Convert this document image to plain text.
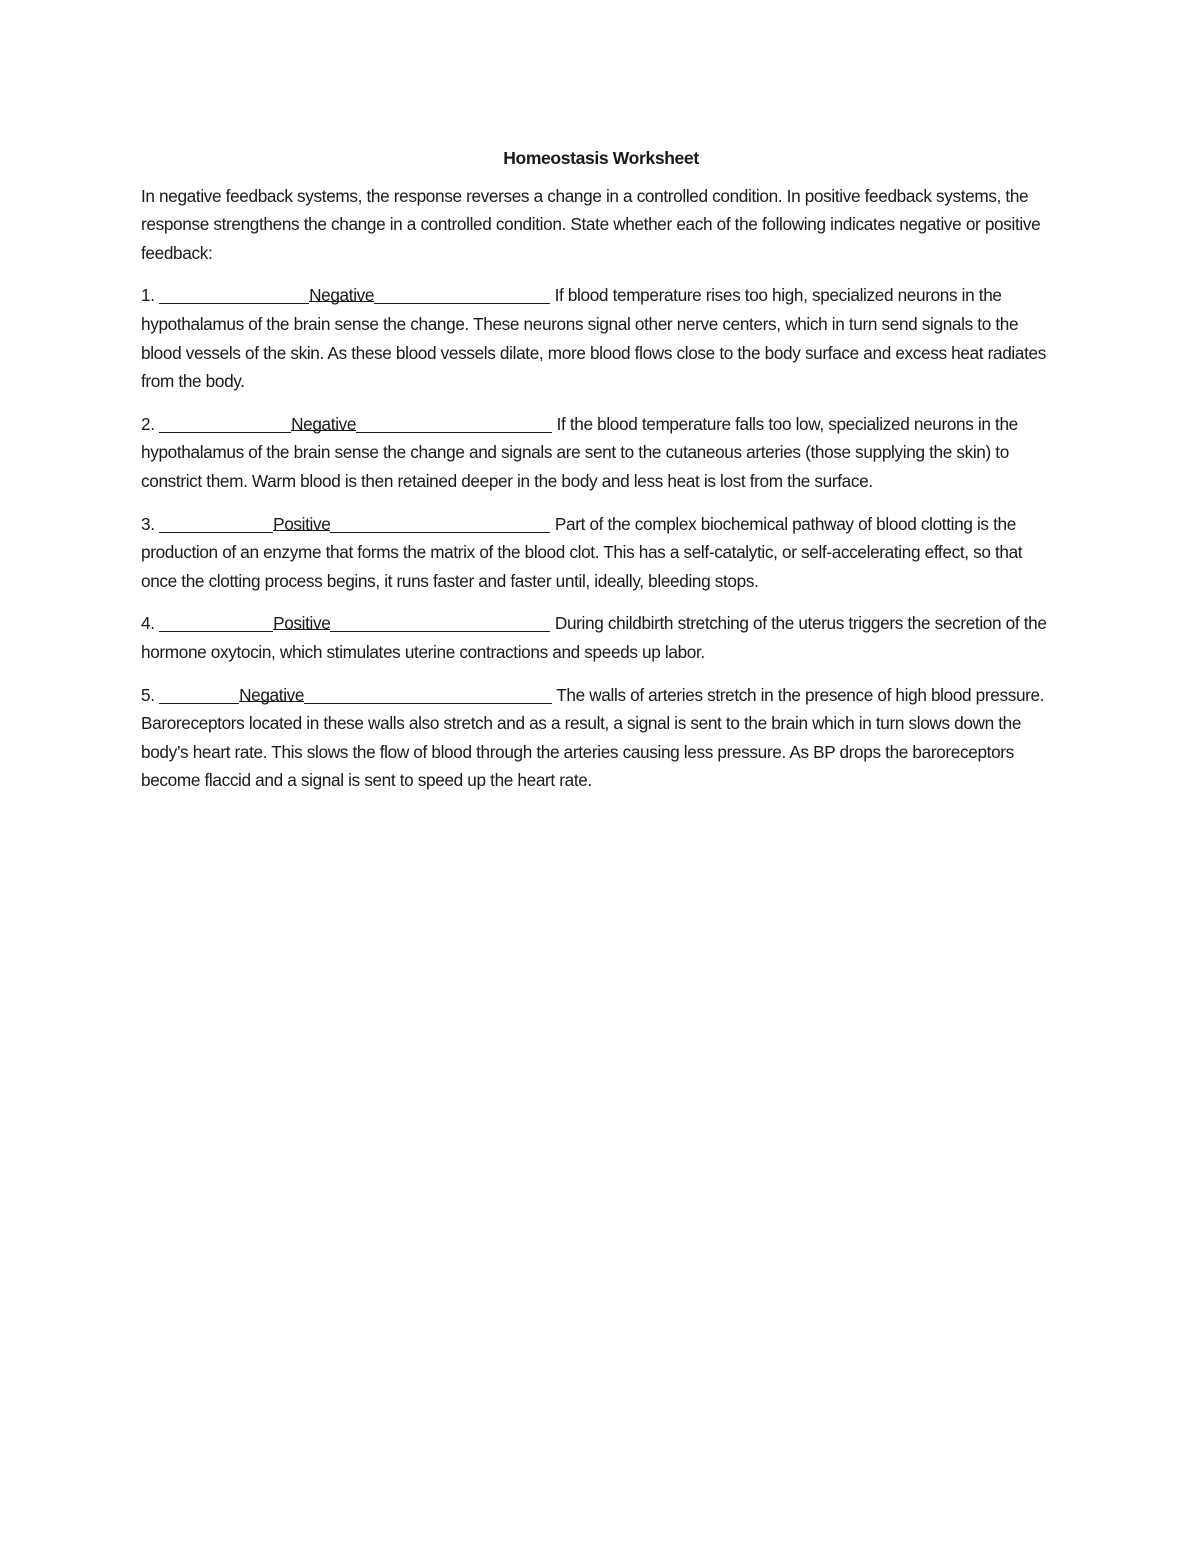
Homeostasis Worksheet

In negative feedback systems, the response reverses a change in a controlled condition. In positive feedback systems, the response strengthens the change in a controlled condition. State whether each of the following indicates negative or positive feedback:

1.	Negative	If blood temperature rises too high, specialized neurons in the hypothalamus of the brain sense the change. These neurons signal other nerve centers, which in turn send signals to the blood vessels of the skin. As these blood vessels dilate, more blood flows close to the body surface and excess heat radiates from the body.

2.	Negative	If the blood temperature falls too low, specialized neurons in the hypothalamus of the brain sense the change and signals are sent to the cutaneous arteries (those supplying the skin) to constrict them. Warm blood is then retained deeper in the body and less heat is lost from the surface.

3.	Positive	Part of the complex biochemical pathway of blood clotting is the production of an enzyme that forms the matrix of the blood clot. This has a self-catalytic, or self-accelerating effect, so that once the clotting process begins, it runs faster and faster until, ideally, bleeding stops.

4.	Positive	During childbirth stretching of the uterus triggers the secretion of the hormone oxytocin, which stimulates uterine contractions and speeds up labor.

5.	Negative	The walls of arteries stretch in the presence of high blood pressure. Baroreceptors located in these walls also stretch and as a result, a signal is sent to the brain which in turn slows down the body’s heart rate. This slows the flow of blood through the arteries causing less pressure. As BP drops the baroreceptors become flaccid and a signal is sent to speed up the heart rate.
